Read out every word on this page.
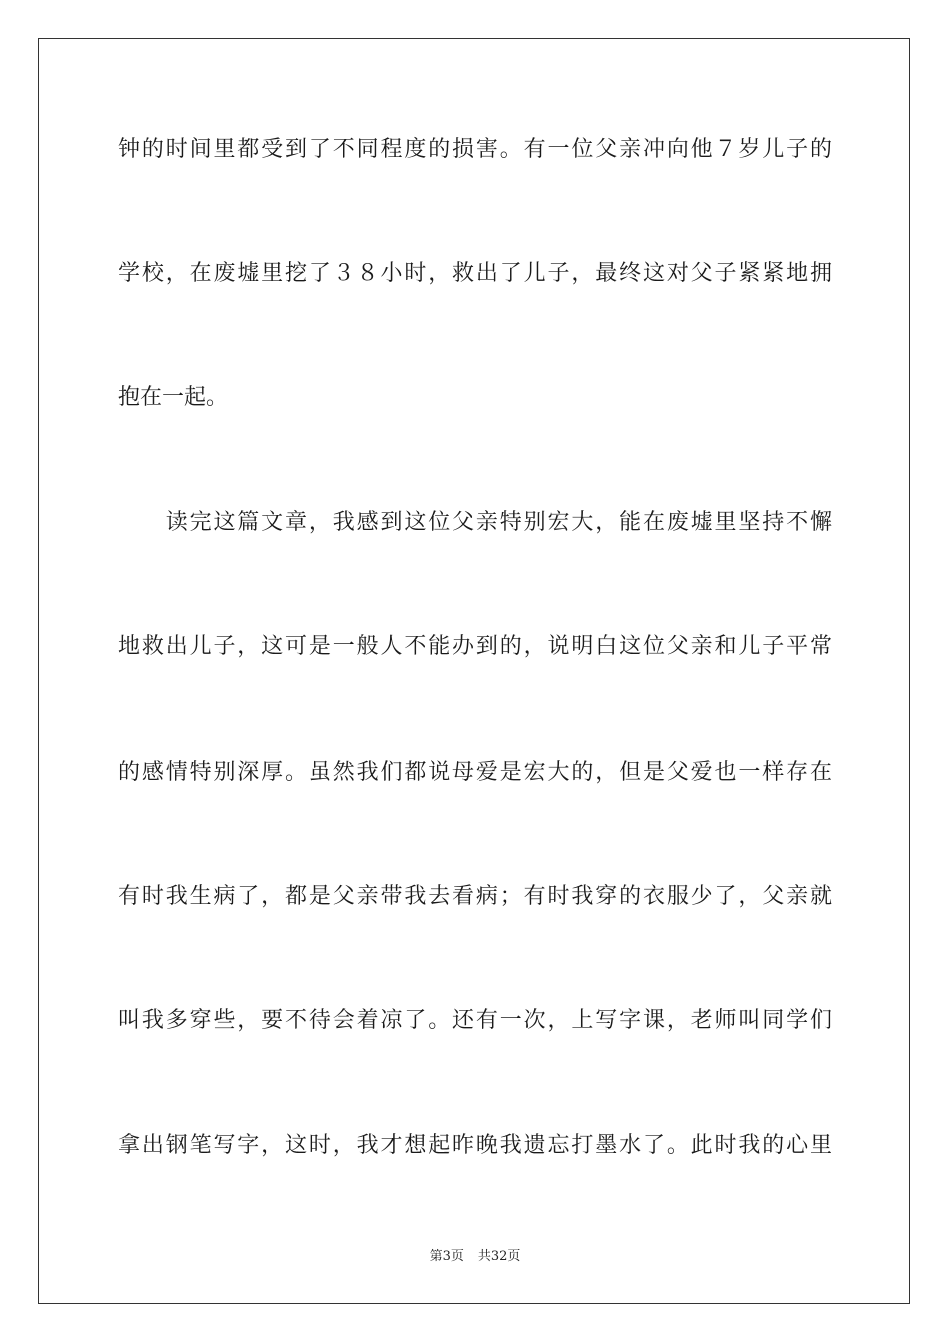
钟的时间里都受到了不同程度的损害。有一位父亲冲向他７岁儿子的
学校，在废墟里挖了３８小时，救出了儿子，最终这对父子紧紧地拥
抱在一起。
　　读完这篇文章，我感到这位父亲特别宏大，能在废墟里坚持不懈
地救出儿子，这可是一般人不能办到的，说明白这位父亲和儿子平常
的感情特别深厚。虽然我们都说母爱是宏大的，但是父爱也一样存在
有时我生病了，都是父亲带我去看病；有时我穿的衣服少了，父亲就
叫我多穿些，要不待会着凉了。还有一次，上写字课，老师叫同学们
拿出钢笔写字，这时，我才想起昨晚我遗忘打墨水了。此时我的心里
第3页 共32页
